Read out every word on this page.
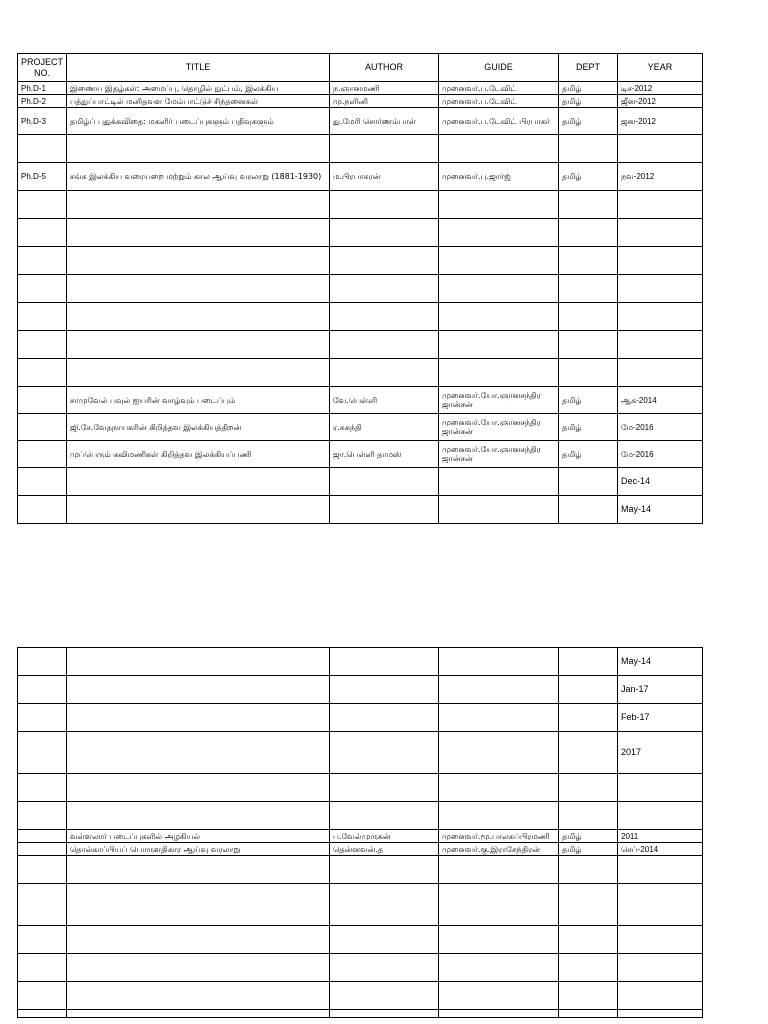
PROJECT NO.	TITLE	AUTHOR	GUIDE	DEPT	YEAR
Ph.D-1	இணைய இதழ்கள்: அமைப்பு, தொழில் நுட்பம், இலக்கிய	ந.ஞானமணி	முனைவர்.ப.டேவிட்	தமிழ்	டிச-2012
Ph.D-2	பத்துப்பாட்டில் மனிதவள மேம்பாட்டுச் சிந்தனைகள்	மு.நளினி	முனைவர்.ப.டேவிட்	தமிழ்	ஜீன-2012
Ph.D-3	தமிழ்ப் புதுக்கவிதை: மகளிர் படைப்புகளும் பதிவுகளும்	து.மேரி சொர்ணம்பாள்	முனைவர்.ப.டேவிட் பிரபாகர்	தமிழ்	ஜன-2012

Ph.D-5	சங்க இலக்கிய வரையறை மற்றும் கால ஆய்வு வரலாறு (1881-1930)	ம.பிரபாகரன்	முனைவர்.பு.ஜார்ஜ்	தமிழ்	நவ-2012

	சாமுவேல் பவுல் ஐயரின் வாழ்வும் படைப்பும்	வே.பெள்ளி	முனைவர்.யோ.ஞானசந்திர ஜான்சன்	தமிழ்	ஆக-2014
	ஜி.சே.வேதநாயகரின் கிறித்தவ இலக்கியத்திறன்	ர.சுகந்தி	முனைவர்.யோ.ஞானசந்திர ஜான்சன்	தமிழ்	மே-2016
	முப்பெரும் கவிமணிகள் கிறித்தவ இலக்கியப்பணி	ஜா.பெள்ளி தாமஸ்	முனைவர்.யோ.ஞானசந்திர ஜான்சன்	தமிழ்	மே-2016
					Dec-14
					May-14
					May-14
					Jan-17
					Feb-17
					2017

	வள்ளலார் படைப்புகளில் அழகியல்	ப.வேல்முருகன்	முனைவர்.மூ.பாலசுப்பிரமணி	தமிழ்	2011
	தொல்காப்பியப் பொருளதிகார ஆய்வு வரலாறு	தென்னவன்.த	முனைவர்.கு.இராசேந்திரன்	தமிழ்	செப்-2014
